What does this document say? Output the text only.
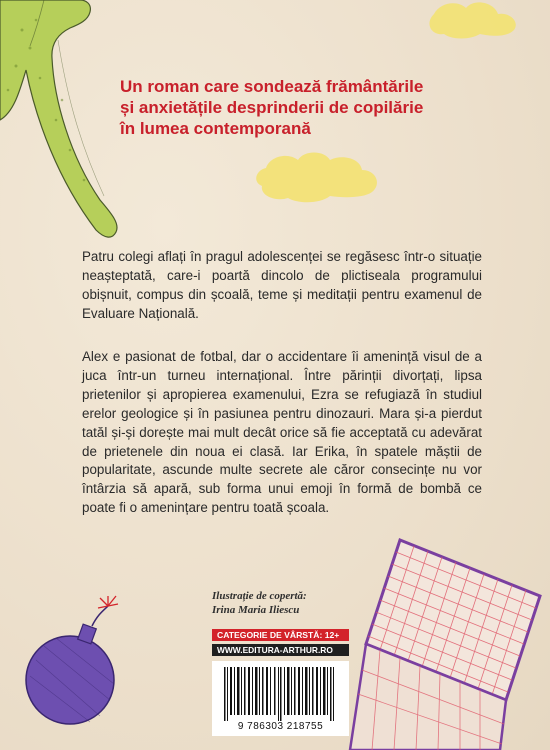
Un roman care sondează frământările
și anxietățile desprinderii de copilărie
în lumea contemporană
Patru colegi aflați în pragul adolescenței se regăsesc într-o situație neașteptată, care-i poartă dincolo de plictiseala programului obișnuit, compus din școală, teme și meditații pentru examenul de Evaluare Națională.
Alex e pasionat de fotbal, dar o accidentare îi amenință visul de a juca într-un turneu internațional. Între părinții divorțați, lipsa prietenilor și apropierea examenului, Ezra se refugiază în studiul erelor geologice și în pasiunea pentru dinozauri. Mara și-a pierdut tatăl și-și dorește mai mult decât orice să fie acceptată cu adevărat de prietenele din noua ei clasă. Iar Erika, în spatele măștii de popularitate, ascunde multe secrete ale căror consecințe nu vor întârzia să apară, sub forma unui emoji în formă de bombă ce poate fi o amenințare pentru toată școala.
Ilustrație de copertă:
Irina Maria Iliescu
CATEGORIE DE VÂRSTĂ: 12+
WWW.EDITURA-ARTHUR.RO
9 786303 218755
